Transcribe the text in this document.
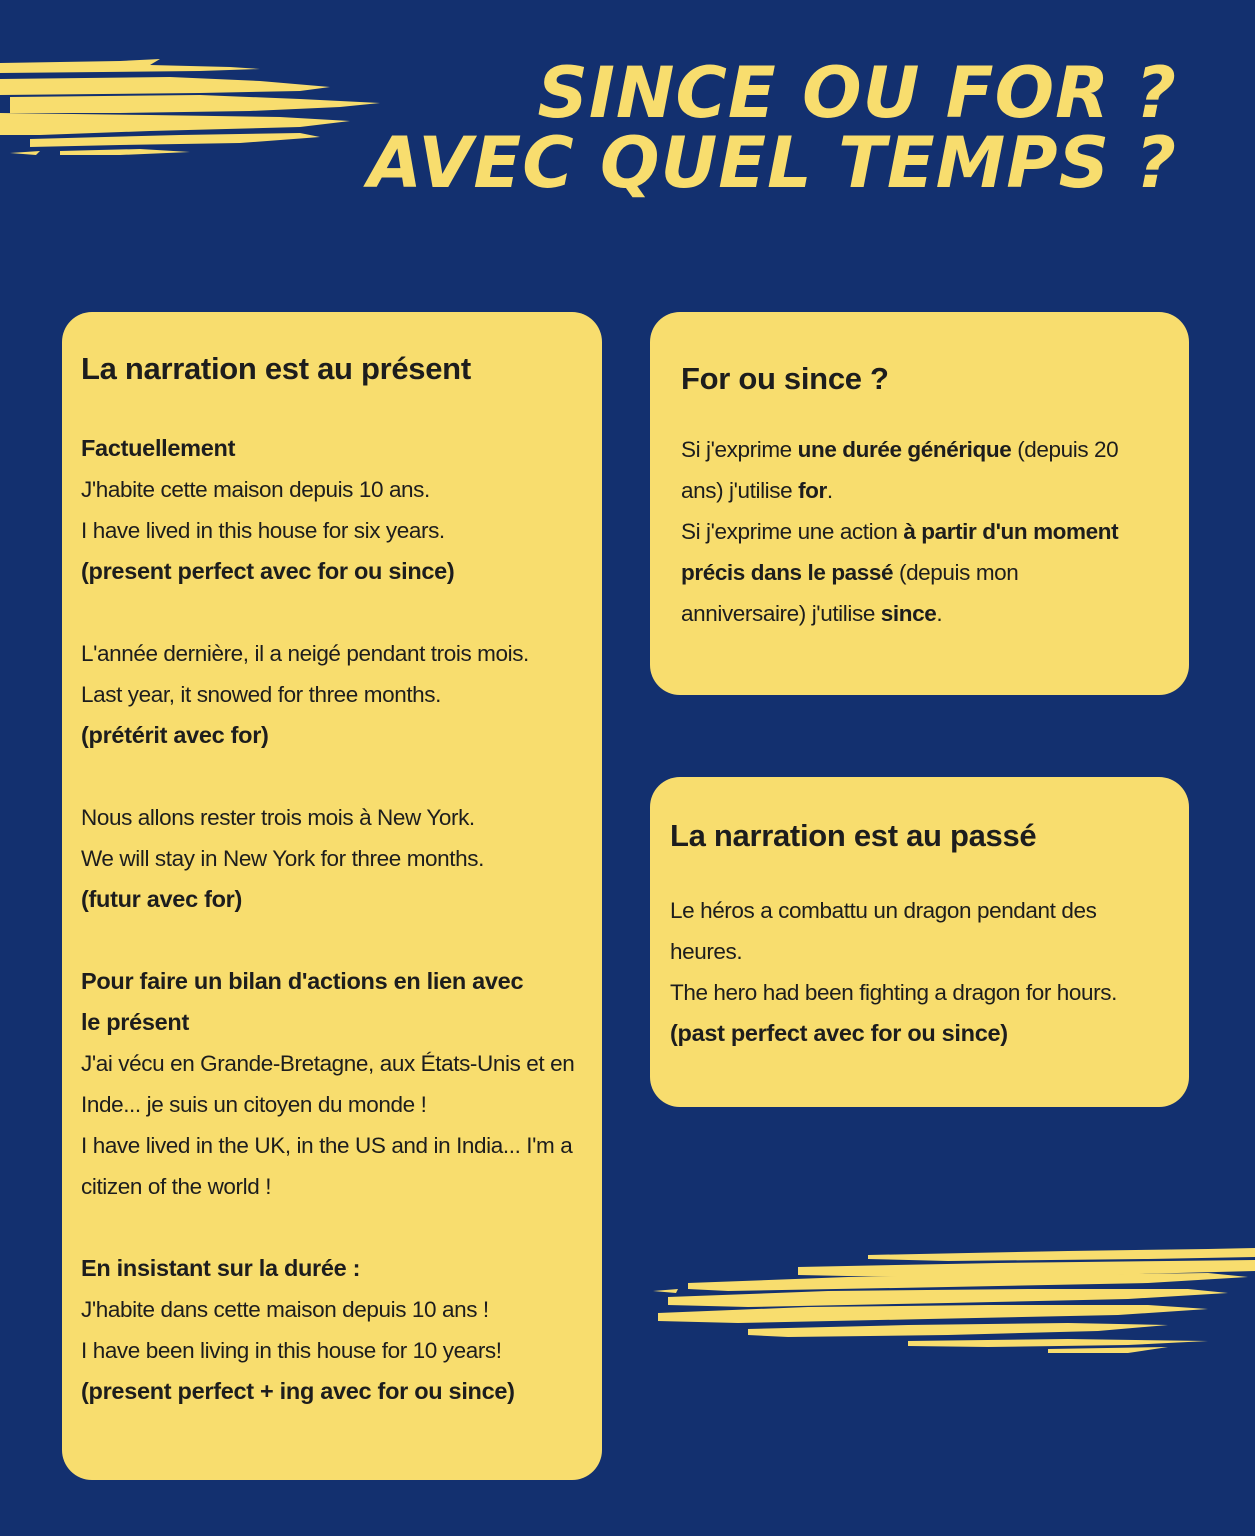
SINCE OU FOR ?
AVEC QUEL TEMPS ?

La narration est au présent

Factuellement

J'habite cette maison depuis 10 ans.

I have lived in this house for six years.

(present perfect avec for ou since)

L'année dernière, il a neigé pendant trois mois.

Last year, it snowed for three months.

(prétérit avec for)

Nous allons rester trois mois à New York.

We will stay in New York for three months.

(futur avec for)

Pour faire un bilan d'actions en lien avec

le présent

J'ai vécu en Grande-Bretagne, aux États-Unis et en

Inde... je suis un citoyen du monde !

I have lived in the UK, in the US and in India... I'm a

citizen of the world !

En insistant sur la durée :

J'habite dans cette maison depuis 10 ans !

I have been living in this house for 10 years!

(present perfect + ing avec for ou since)

For ou since ?

Si j'exprime une durée générique (depuis 20

ans) j'utilise for.

Si j'exprime une action à partir d'un moment

précis dans le passé (depuis mon

anniversaire) j'utilise since.

La narration est au passé

Le héros a combattu un dragon pendant des

heures.

The hero had been fighting a dragon for hours.

(past perfect avec for ou since)
